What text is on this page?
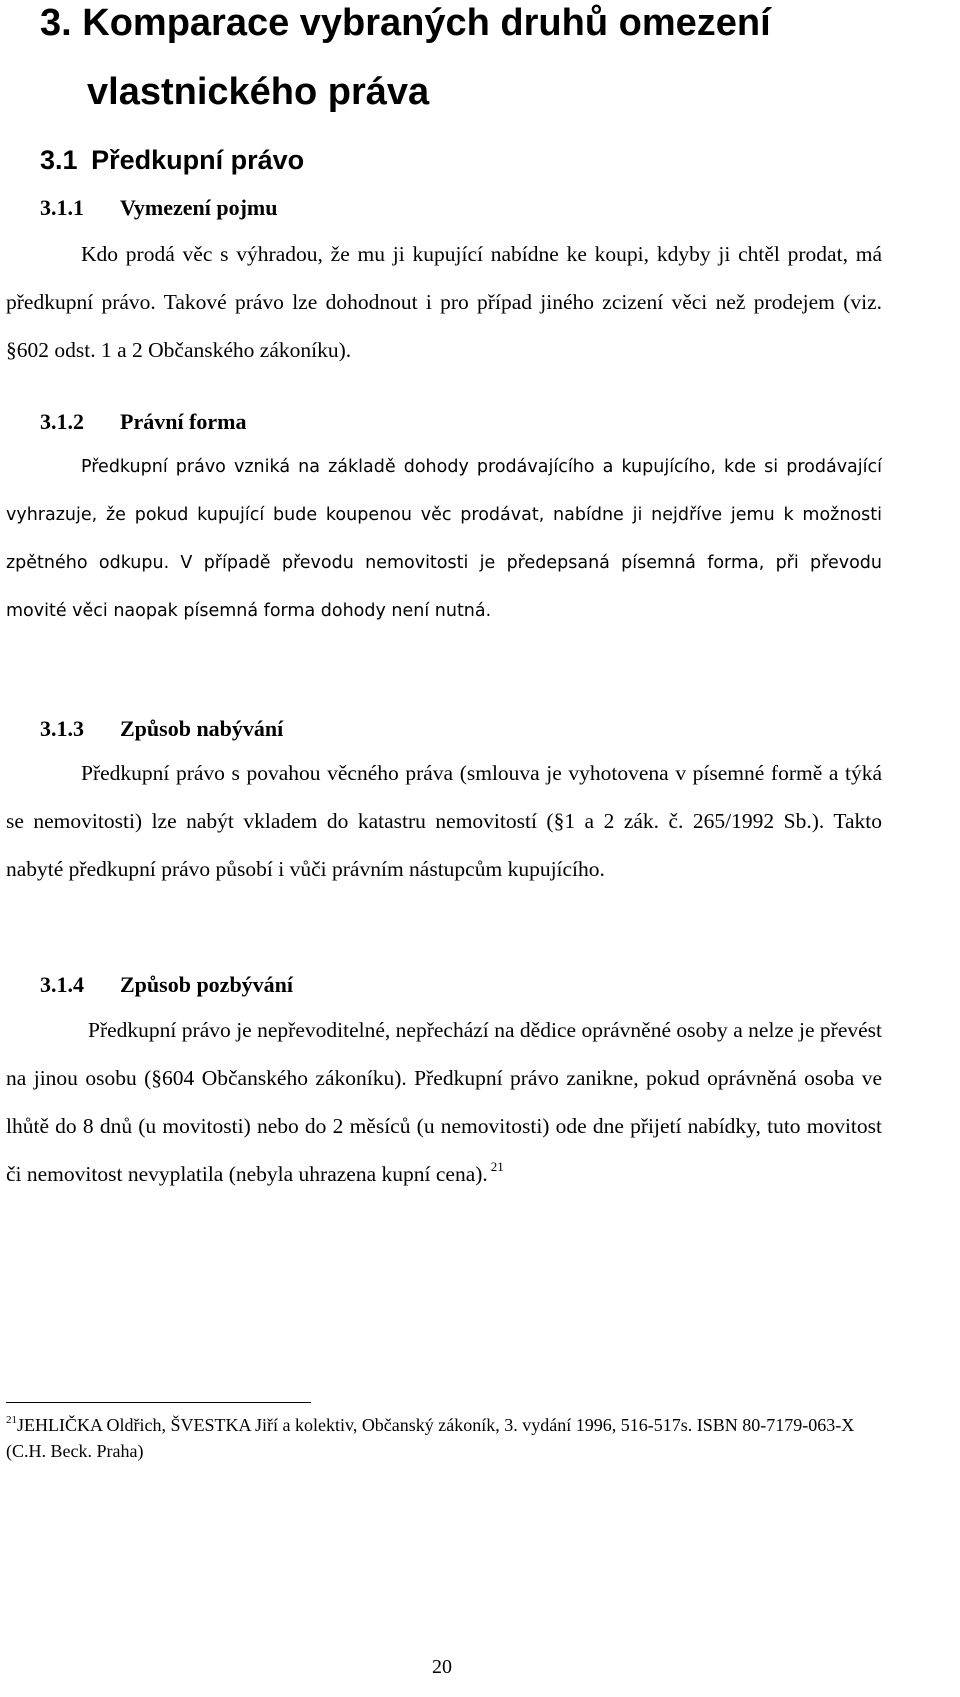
3. Komparace vybraných druhů omezení
vlastnického práva
3.1 Předkupní právo
3.1.1 Vymezení pojmu

Kdo prodá věc s výhradou, že mu ji kupující nabídne ke koupi, kdyby ji chtěl prodat, má předkupní právo. Takové právo lze dohodnout i pro případ jiného zcizení věci než prodejem (viz. §602 odst. 1 a 2 Občanského zákoníku).

3.1.2 Právní forma

Předkupní právo vzniká na základě dohody prodávajícího a kupujícího, kde si prodávající vyhrazuje, že pokud kupující bude koupenou věc prodávat, nabídne ji nejdříve jemu k možnosti zpětného odkupu. V případě převodu nemovitosti je předepsaná písemná forma, při převodu movité věci naopak písemná forma dohody není nutná.

3.1.3 Způsob nabývání

Předkupní právo s povahou věcného práva (smlouva je vyhotovena v písemné formě a týká se nemovitosti) lze nabýt vkladem do katastru nemovitostí (§1 a 2 zák. č. 265/1992 Sb.). Takto nabyté předkupní právo působí i vůči právním nástupcům kupujícího.

3.1.4 Způsob pozbývání

Předkupní právo je nepřevoditelné, nepřechází na dědice oprávněné osoby a nelze je převést na jinou osobu (§604 Občanského zákoníku). Předkupní právo zanikne, pokud oprávněná osoba ve lhůtě do 8 dnů (u movitosti) nebo do 2 měsíců (u nemovitosti) ode dne přijetí nabídky, tuto movitost či nemovitost nevyplatila (nebyla uhrazena kupní cena). $^{21}$

$^{21}$JEHLIČKA Oldřich, ŠVESTKA Jiří a kolektiv, Občanský zákoník, 3. vydání 1996, 516-517s. ISBN 80-7179-063-X (C.H. Beck. Praha)

20
